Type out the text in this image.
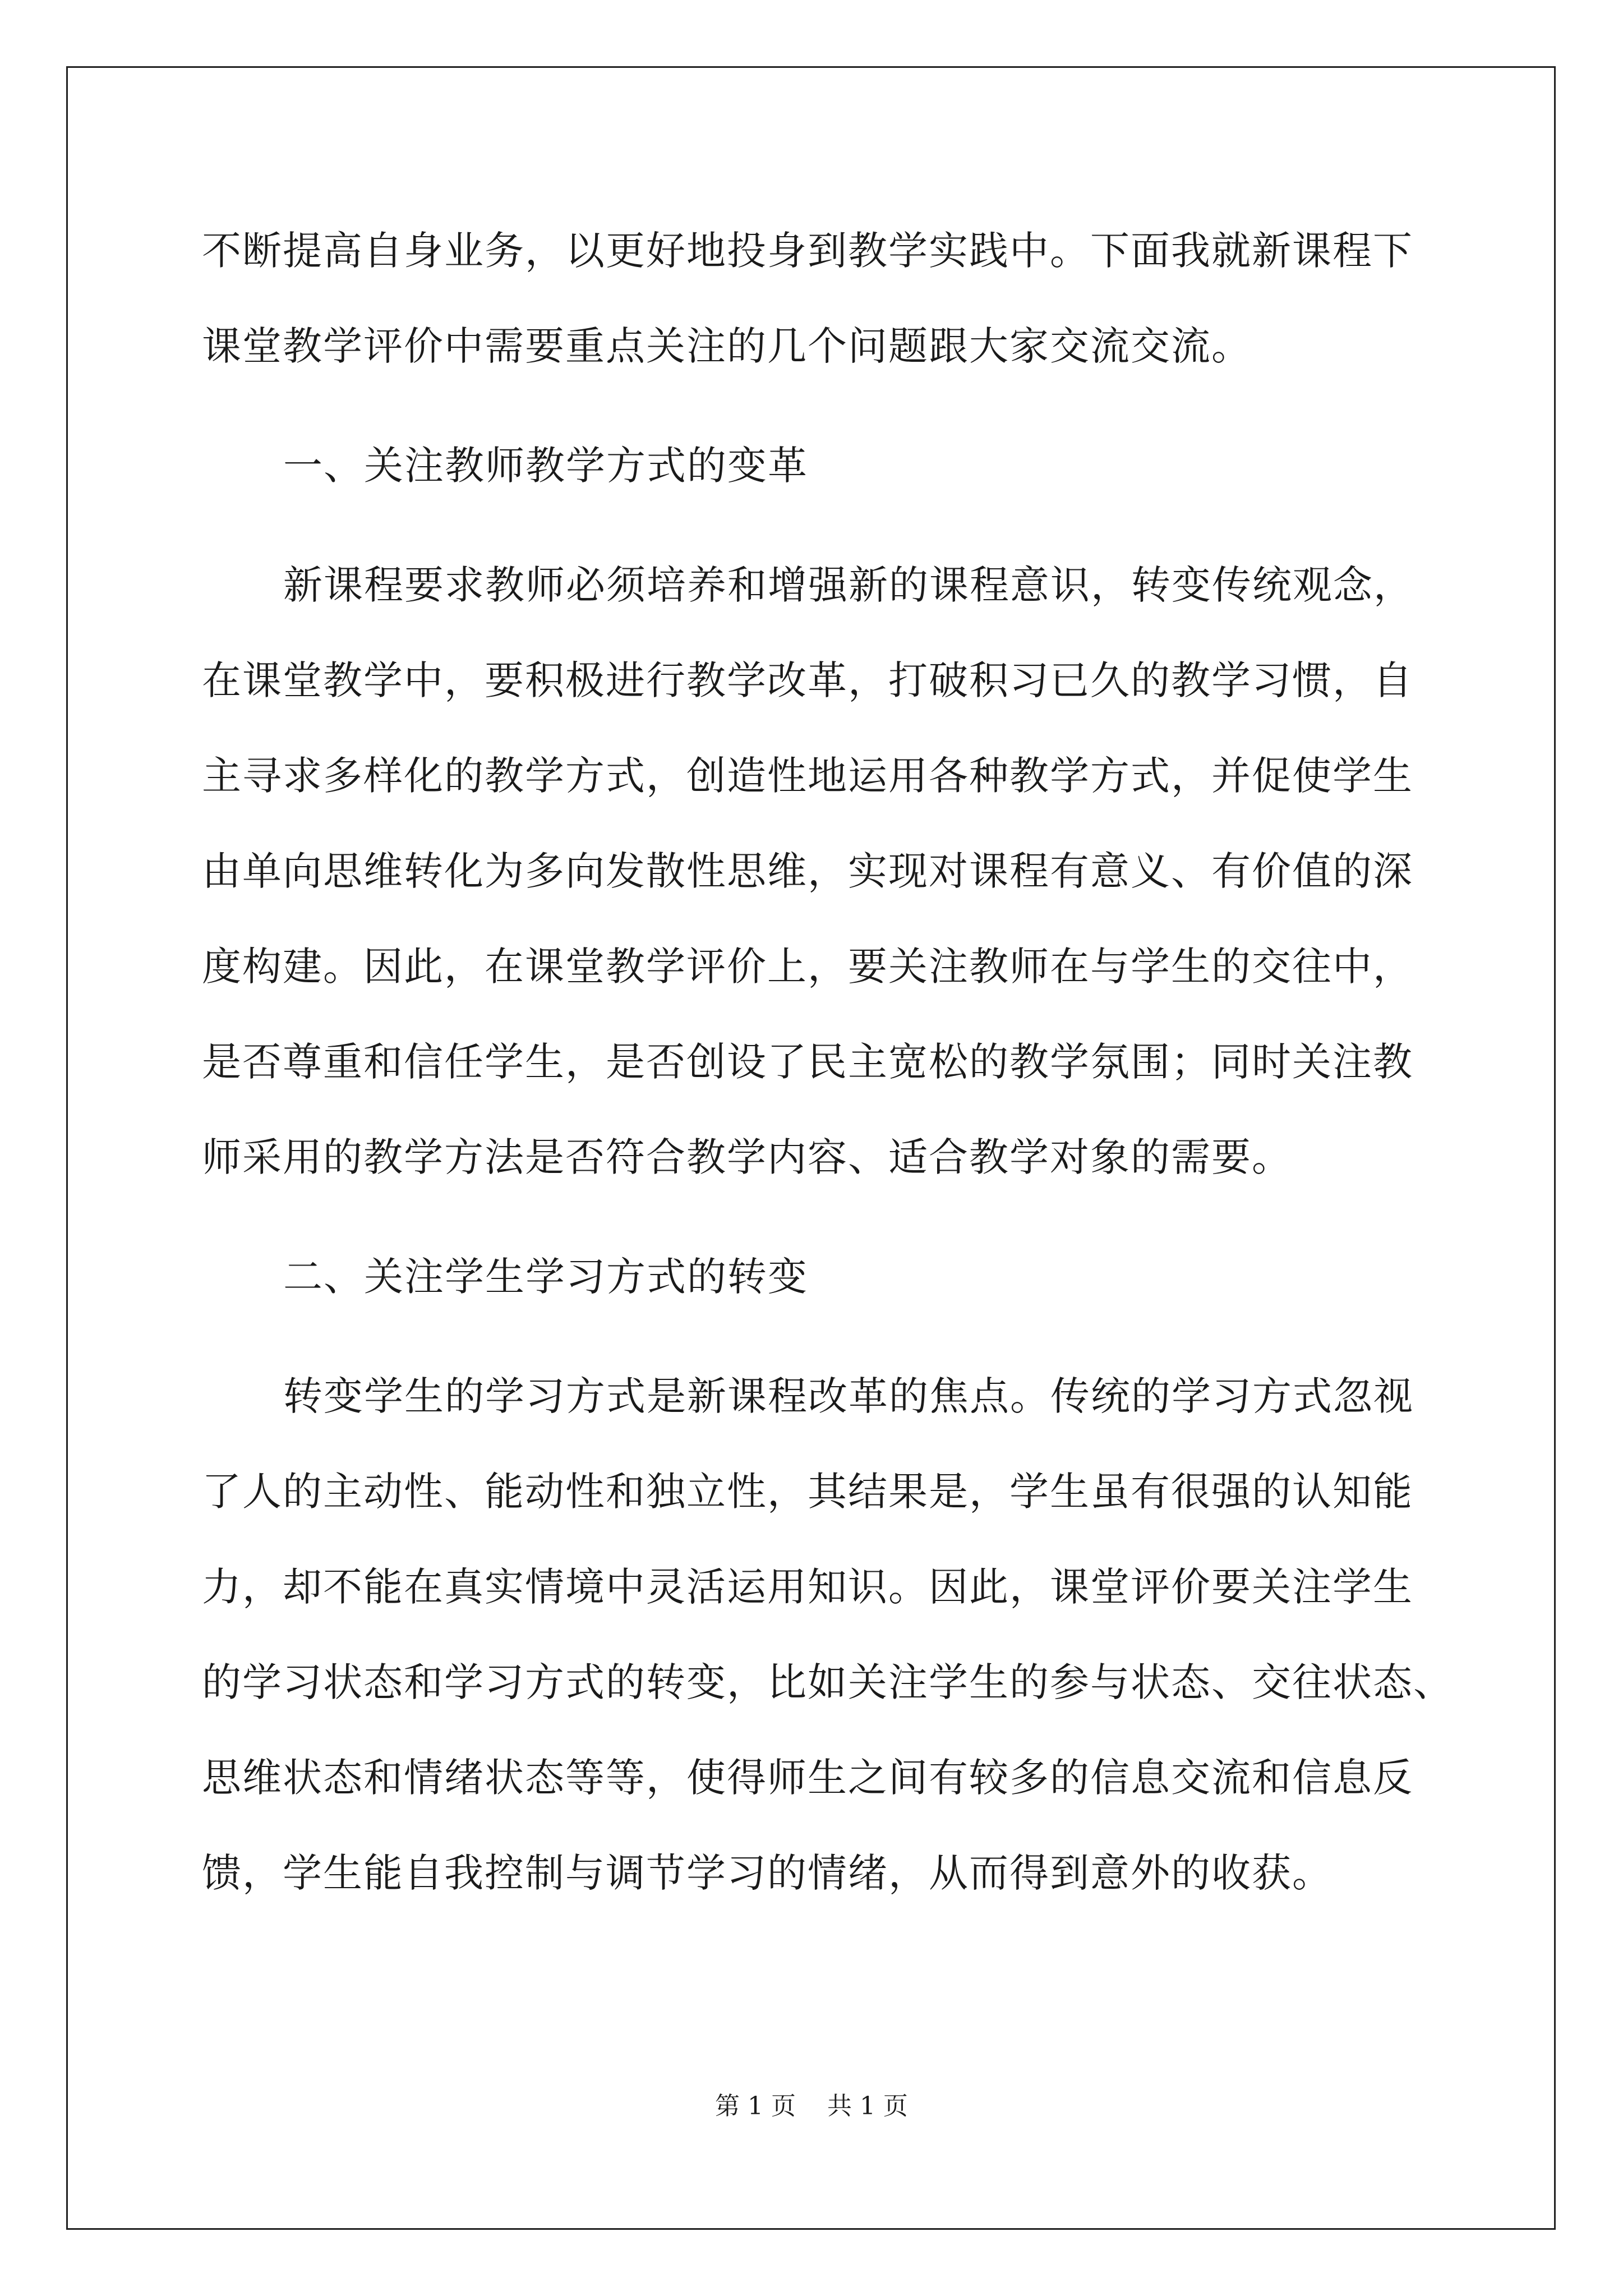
不断提高自身业务，以更好地投身到教学实践中。下面我就新课程下
课堂教学评价中需要重点关注的几个问题跟大家交流交流。
一、关注教师教学方式的变革
新课程要求教师必须培养和增强新的课程意识，转变传统观念，
在课堂教学中，要积极进行教学改革，打破积习已久的教学习惯，自
主寻求多样化的教学方式，创造性地运用各种教学方式，并促使学生
由单向思维转化为多向发散性思维，实现对课程有意义、有价值的深
度构建。因此，在课堂教学评价上，要关注教师在与学生的交往中，
是否尊重和信任学生，是否创设了民主宽松的教学氛围；同时关注教
师采用的教学方法是否符合教学内容、适合教学对象的需要。
二、关注学生学习方式的转变
转变学生的学习方式是新课程改革的焦点。传统的学习方式忽视
了人的主动性、能动性和独立性，其结果是，学生虽有很强的认知能
力，却不能在真实情境中灵活运用知识。因此，课堂评价要关注学生
的学习状态和学习方式的转变，比如关注学生的参与状态、交往状态、
思维状态和情绪状态等等，使得师生之间有较多的信息交流和信息反
馈，学生能自我控制与调节学习的情绪，从而得到意外的收获。
第 1 页    共 1 页
